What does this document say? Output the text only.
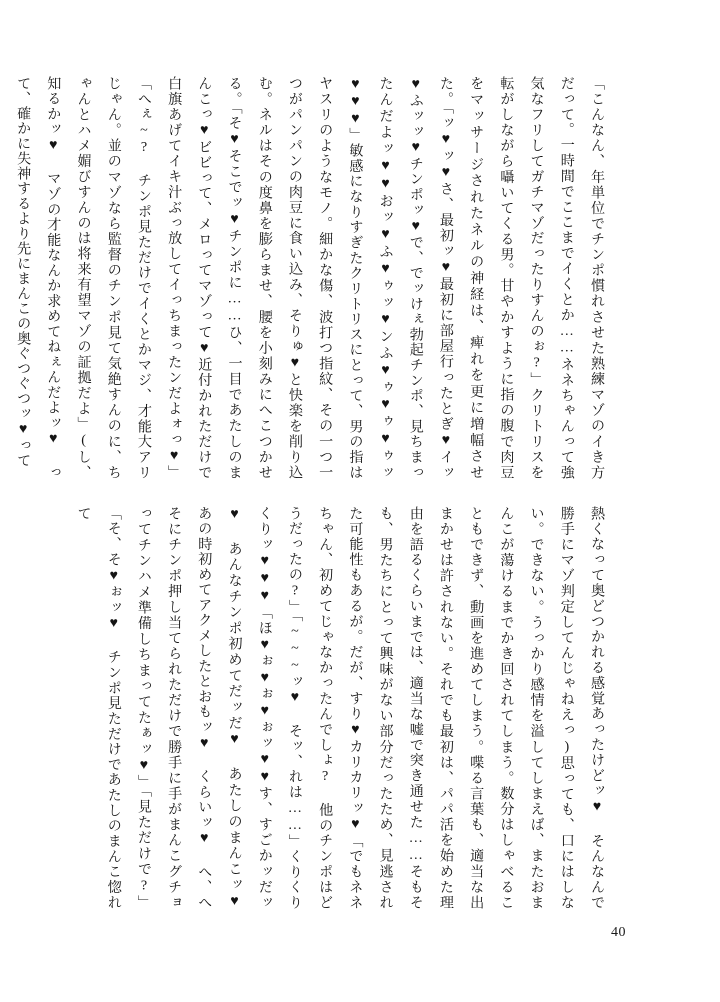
「こんなん、年単位でチンポ慣れさせた熟練マゾのイき方だって。一時間でここまでイくとか……ネネちゃんって強気なフリしてガチマゾだったりすんのぉ?」クリトリスを転がしながら囁いてくる男。甘やかすように指の腹で肉豆をマッサージされたネルの神経は、痺れを更に増幅させた。「ッ♥ッ♥さ、最初ッ♥最初に部屋行ったとぎ♥イッ♥ふッッ♥チンポッ♥で、でッけぇ勃起チンポ、見ちまったんだよッ♥♥おッ♥ふ♥ゥッ♥ンふ♥ゥ♥ゥ♥ゥッ♥♥♥」敏感になりすぎたクリトリスにとって、男の指はヤスリのようなモノ。細かな傷、波打つ指紋、その一つ一つがパンパンの肉豆に食い込み、そりゅ♥と快楽を削り込む。ネルはその度鼻を膨らませ、腰を小刻みにへこつかせる。「そ♥そこでッ♥チンポに……ひ、一目であたしのまんこっ♥ビビって、メロってマゾって♥近付かれただけで白旗あげてイキ汁ぶっ放してイっちまったンだよォっ♥」「へぇ~? チンポ見ただけでイくとかマジ、才能大アリじゃん。並のマゾなら監督のチンポ見て気絶すんのに、ちゃんとハメ媚びすんのは将来有望マゾの証拠だよ」(し、知るかッ♥ マゾの才能なんか求めてねぇんだよッ♥ って、確かに失神するより先にまんこの奥ぐつぐつッ♥って

熱くなって奥どつかれる感覚あったけどッ♥ そんなんで勝手にマゾ判定してんじゃねえっ)思っても、口にはしない。できない。うっかり感情を溢してしまえば、またおまんこが蕩けるまでかき回されてしまう。数分はしゃべることもできず、動画を進めてしまう。喋る言葉も、適当な出まかせは許されない。それでも最初は、パパ活を始めた理由を語るくらいまでは、適当な嘘で突き通せた……そもそも、男たちにとって興味がない部分だったため、見逃された可能性もあるが。だが、すり♥カリカリッ♥「でもネネちゃん、初めてじゃなかったんでしょ? 他のチンポはどうだったの?」「~~~ッ♥ そッ、れは……」くりくりくりッ♥♥♥「ほ♥ぉ♥ぉ♥ぉッ♥♥す、すごかッだッ♥ あんなチンポ初めてだッだ♥ あたしのまんこッ♥ あの時初めてアクメしたとおもッ♥ くらいッ♥ へ、へそにチンポ押し当てられただけで勝手に手がまんこグチョってチンハメ準備しちまってたぁッ♥」「見ただけで?」「そ、そ♥ぉッ♥ チンポ見ただけであたしのまんこ惚れて

40
